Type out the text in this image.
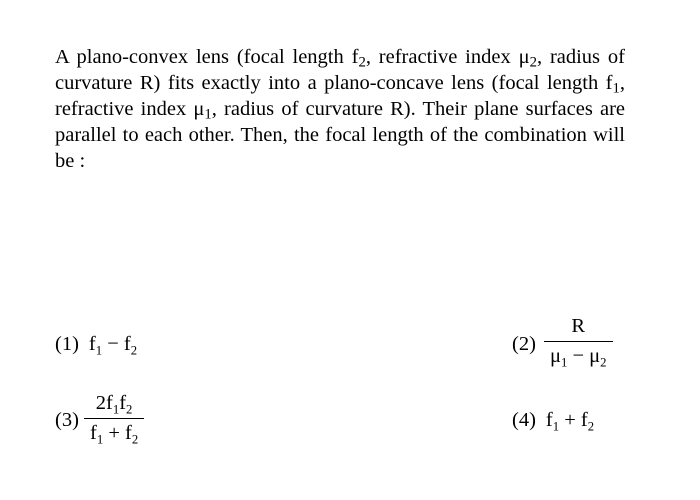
A plano-convex lens (focal length $f_2$, refractive index $\mu_2$, radius of curvature R) fits exactly into a plano-concave lens (focal length $f_1$, refractive index $\mu_1$, radius of curvature R). Their plane surfaces are parallel to each other. Then, the focal length of the combination will be :

(1) $f_1 - f_2$	(2)
R
$\mu_1 - \mu_2$
(3)
$2f_1f_2$
$f_1 + f_2$
(4) $f_1 + f_2$
